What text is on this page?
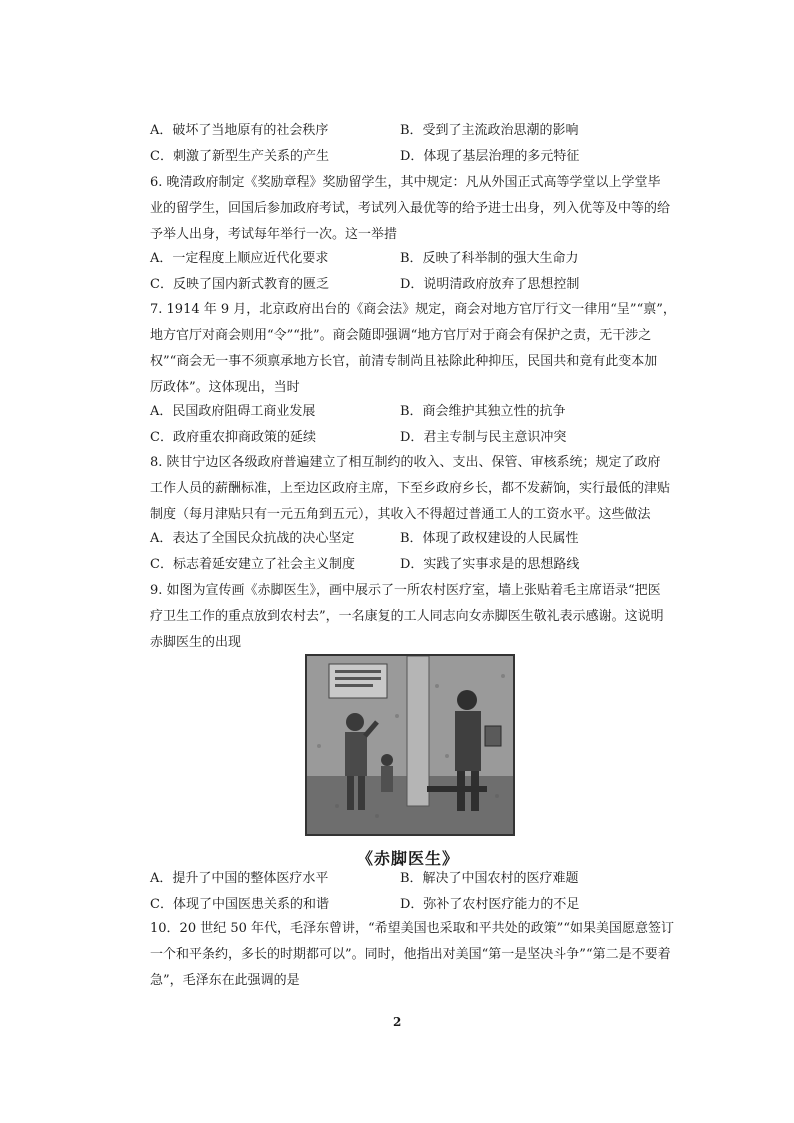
A．破坏了当地原有的社会秩序	B．受到了主流政治思潮的影响
C．刺激了新型生产关系的产生	D．体现了基层治理的多元特征
6. 晚清政府制定《奖励章程》奖励留学生，其中规定：凡从外国正式高等学堂以上学堂毕
业的留学生，回国后参加政府考试，考试列入最优等的给予进士出身，列入优等及中等的给
予举人出身，考试每年举行一次。这一举措
A．一定程度上顺应近代化要求	B．反映了科举制的强大生命力
C．反映了国内新式教育的匮乏	D．说明清政府放弃了思想控制
7. 1914 年 9 月，北京政府出台的《商会法》规定，商会对地方官厅行文一律用“呈”“禀”，
地方官厅对商会则用“令”“批”。商会随即强调“地方官厅对于商会有保护之责，无干涉之
权”“商会无一事不须禀承地方长官，前清专制尚且袪除此种抑压，民国共和竟有此变本加
厉政体”。这体现出，当时
A．民国政府阻碍工商业发展	B．商会维护其独立性的抗争
C．政府重农抑商政策的延续	D．君主专制与民主意识冲突
8. 陕甘宁边区各级政府普遍建立了相互制约的收入、支出、保管、审核系统；规定了政府
工作人员的薪酬标准，上至边区政府主席，下至乡政府乡长，都不发薪饷，实行最低的津贴
制度（每月津贴只有一元五角到五元），其收入不得超过普通工人的工资水平。这些做法
A．表达了全国民众抗战的决心坚定	B．体现了政权建设的人民属性
C．标志着延安建立了社会主义制度	D．实践了实事求是的思想路线
9. 如图为宣传画《赤脚医生》，画中展示了一所农村医疗室，墙上张贴着毛主席语录“把医
疗卫生工作的重点放到农村去”，一名康复的工人同志向女赤脚医生敬礼表示感谢。这说明
赤脚医生的出现
《赤脚医生》
A．提升了中国的整体医疗水平	B．解决了中国农村的医疗难题
C．体现了中国医患关系的和谐	D．弥补了农村医疗能力的不足
10．20 世纪 50 年代，毛泽东曾讲，“希望美国也采取和平共处的政策”“如果美国愿意签订
一个和平条约，多长的时期都可以”。同时，他指出对美国“第一是坚决斗争”“第二是不要着
急”，毛泽东在此强调的是
2
